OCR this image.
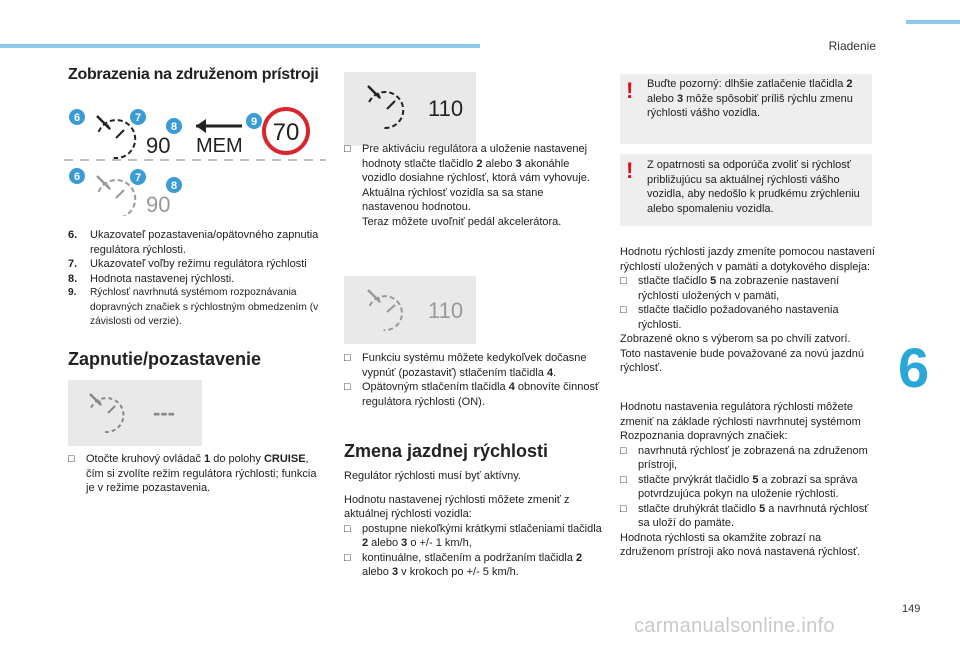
Riadenie
6
149
carmanualsonline.info
Zobrazenia na združenom prístroji
6	7
8	9
90 MEM 70
6	7
8
90

6. Ukazovateľ pozastavenia/opätovného zapnutia regulátora rýchlosti.

7. Ukazovateľ voľby režimu regulátora rýchlosti

8. Hodnota nastavenej rýchlosti.

9. Rýchlosť navrhnutá systémom rozpoznávania dopravných značiek s rýchlostným obmedzením (v závislosti od verzie).

Zapnutie/pozastavenie
---

□ Otočte kruhový ovládač 1 do polohy CRUISE, čím si zvolíte režim regulátora rýchlosti; funkcia je v režime pozastavenia.

110

□ Pre aktiváciu regulátora a uloženie nastavenej hodnoty stlačte tlačidlo 2 alebo 3 akonáhle vozidlo dosiahne rýchlosť, ktorá vám vyhovuje. Aktuálna rýchlosť vozidla sa sa stane nastavenou hodnotou.
Teraz môžete uvoľniť pedál akcelerátora.

110

□ Funkciu systému môžete kedykoľvek dočasne vypnúť (pozastaviť) stlačením tlačidla 4.

□ Opätovným stlačením tlačidla 4 obnovíte činnosť regulátora rýchlosti (ON).

Zmena jazdnej rýchlosti

Regulátor rýchlosti musí byť aktívny.

Hodnotu nastavenej rýchlosti môžete zmeniť z aktuálnej rýchlosti vozidla:

□ postupne niekoľkými krátkymi stlačeniami tlačidla 2 alebo 3 o +/- 1 km/h,

□ kontinuálne, stlačením a podržaním tlačidla 2 alebo 3 v krokoch po +/- 5 km/h.

! Buďte pozorný: dlhšie zatlačenie tlačidla 2 alebo 3 môže spôsobiť príliš rýchlu zmenu rýchlosti vášho vozidla.
! Z opatrnosti sa odporúča zvoliť si rýchlosť približujúcu sa aktuálnej rýchlosti vášho vozidla, aby nedošlo k prudkému zrýchleniu alebo spomaleniu vozidla.

Hodnotu rýchlosti jazdy zmeníte pomocou nastavení rýchlostí uložených v pamäti a dotykového displeja:

□ stlačte tlačidlo 5 na zobrazenie nastavení rýchlostí uložených v pamäti,

□ stlačte tlačidlo požadovaného nastavenia rýchlosti.

Zobrazené okno s výberom sa po chvíli zatvorí.

Toto nastavenie bude považované za novú jazdnú rýchlosť.

Hodnotu nastavenia regulátora rýchlosti môžete zmeniť na základe rýchlosti navrhnutej systémom Rozpoznania dopravných značiek:

□ navrhnutá rýchlosť je zobrazená na združenom prístroji,

□ stlačte prvýkrát tlačidlo 5 a zobrazí sa správa potvrdzujúca pokyn na uloženie rýchlosti.

□ stlačte druhýkrát tlačidlo 5 a navrhnutá rýchlosť sa uloží do pamäte.

Hodnota rýchlosti sa okamžite zobrazí na združenom prístroji ako nová nastavená rýchlosť.
